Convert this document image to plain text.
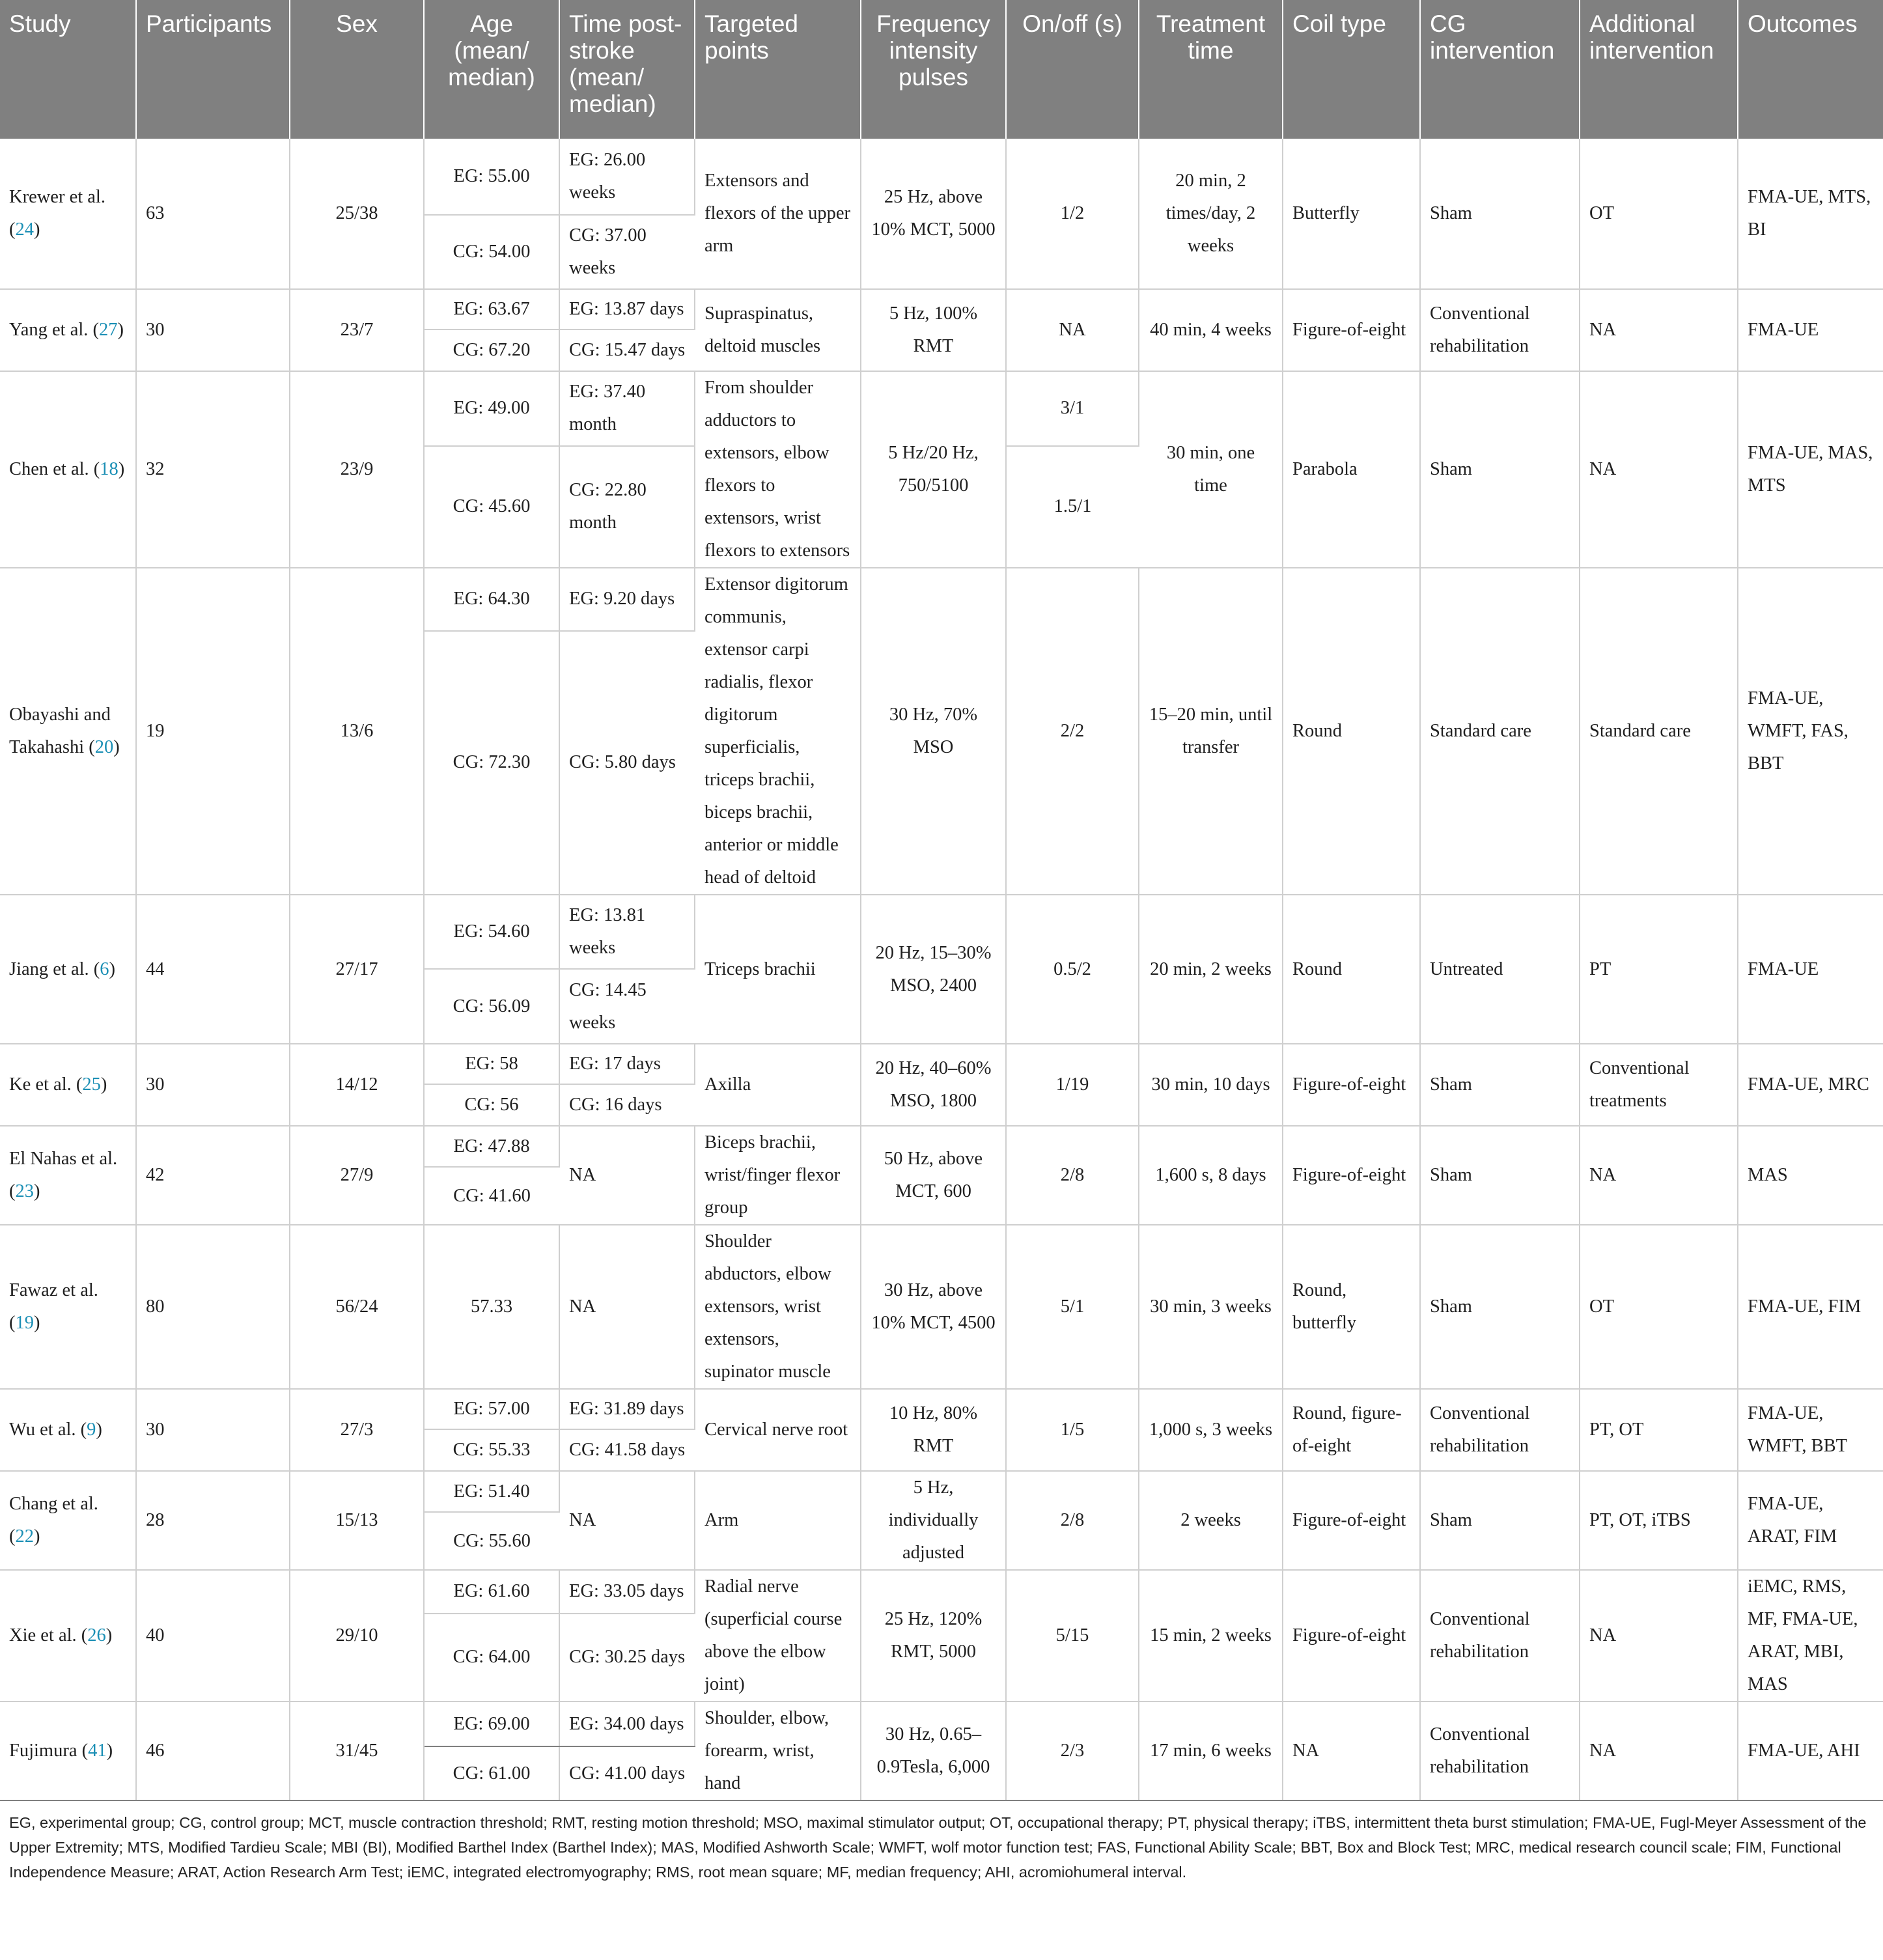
Study	Participants	Sex	Age (mean/ median)	Time post-stroke (mean/ median)	Targeted points	Frequency intensity pulses	On/off (s)	Treatment time	Coil type	CG intervention	Additional intervention	Outcomes
Krewer et al. (24)	63	25/38	EG: 55.00	EG: 26.00 weeks	Extensors and flexors of the upper arm	25 Hz, above 10% MCT, 5000	1/2	20 min, 2 times/day, 2 weeks	Butterfly	Sham	OT	FMA-UE, MTS, BI
			CG: 54.00	CG: 37.00 weeks								
Yang et al. (27)	30	23/7	EG: 63.67	EG: 13.87 days	Supraspinatus, deltoid muscles	5 Hz, 100% RMT	NA	40 min, 4 weeks	Figure-of-eight	Conventional rehabilitation	NA	FMA-UE
			CG: 67.20	CG: 15.47 days								
Chen et al. (18)	32	23/9	EG: 49.00	EG: 37.40 month	From shoulder adductors to extensors, elbow flexors to extensors, wrist flexors to extensors	5 Hz/20 Hz, 750/5100	3/1	30 min, one time	Parabola	Sham	NA	FMA-UE, MAS, MTS
			CG: 45.60	CG: 22.80 month			1.5/1					
Obayashi and Takahashi (20)	19	13/6	EG: 64.30	EG: 9.20 days	Extensor digitorum communis, extensor carpi radialis, flexor digitorum superficialis, triceps brachii, biceps brachii, anterior or middle head of deltoid	30 Hz, 70% MSO	2/2	15–20 min, until transfer	Round	Standard care	Standard care	FMA-UE, WMFT, FAS, BBT
			CG: 72.30	CG: 5.80 days								
Jiang et al. (6)	44	27/17	EG: 54.60	EG: 13.81 weeks	Triceps brachii	20 Hz, 15–30% MSO, 2400	0.5/2	20 min, 2 weeks	Round	Untreated	PT	FMA-UE
			CG: 56.09	CG: 14.45 weeks								
Ke et al. (25)	30	14/12	EG: 58	EG: 17 days	Axilla	20 Hz, 40–60% MSO, 1800	1/19	30 min, 10 days	Figure-of-eight	Sham	Conventional treatments	FMA-UE, MRC
			CG: 56	CG: 16 days								
El Nahas et al. (23)	42	27/9	EG: 47.88	NA	Biceps brachii, wrist/finger flexor group	50 Hz, above MCT, 600	2/8	1,600 s, 8 days	Figure-of-eight	Sham	NA	MAS
			CG: 41.60									
Fawaz et al. (19)	80	56/24	57.33	NA	Shoulder abductors, elbow extensors, wrist extensors, supinator muscle	30 Hz, above 10% MCT, 4500	5/1	30 min, 3 weeks	Round, butterfly	Sham	OT	FMA-UE, FIM
Wu et al. (9)	30	27/3	EG: 57.00	EG: 31.89 days	Cervical nerve root	10 Hz, 80% RMT	1/5	1,000 s, 3 weeks	Round, figure-of-eight	Conventional rehabilitation	PT, OT	FMA-UE, WMFT, BBT
			CG: 55.33	CG: 41.58 days								
Chang et al. (22)	28	15/13	EG: 51.40	NA	Arm	5 Hz, individually adjusted	2/8	2 weeks	Figure-of-eight	Sham	PT, OT, iTBS	FMA-UE, ARAT, FIM
			CG: 55.60									
Xie et al. (26)	40	29/10	EG: 61.60	EG: 33.05 days	Radial nerve (superficial course above the elbow joint)	25 Hz, 120% RMT, 5000	5/15	15 min, 2 weeks	Figure-of-eight	Conventional rehabilitation	NA	iEMC, RMS, MF, FMA-UE, ARAT, MBI, MAS
			CG: 64.00	CG: 30.25 days								
Fujimura (41)	46	31/45	EG: 69.00	EG: 34.00 days	Shoulder, elbow, forearm, wrist, hand	30 Hz, 0.65–0.9Tesla, 6,000	2/3	17 min, 6 weeks	NA	Conventional rehabilitation	NA	FMA-UE, AHI
			CG: 61.00	CG: 41.00 days								
EG, experimental group; CG, control group; MCT, muscle contraction threshold; RMT, resting motion threshold; MSO, maximal stimulator output; OT, occupational therapy; PT, physical therapy; iTBS, intermittent theta burst stimulation; FMA-UE, Fugl-Meyer Assessment of the Upper Extremity; MTS, Modified Tardieu Scale; MBI (BI), Modified Barthel Index (Barthel Index); MAS, Modified Ashworth Scale; WMFT, wolf motor function test; FAS, Functional Ability Scale; BBT, Box and Block Test; MRC, medical research council scale; FIM, Functional Independence Measure; ARAT, Action Research Arm Test; iEMC, integrated electromyography; RMS, root mean square; MF, median frequency; AHI, acromiohumeral interval.
